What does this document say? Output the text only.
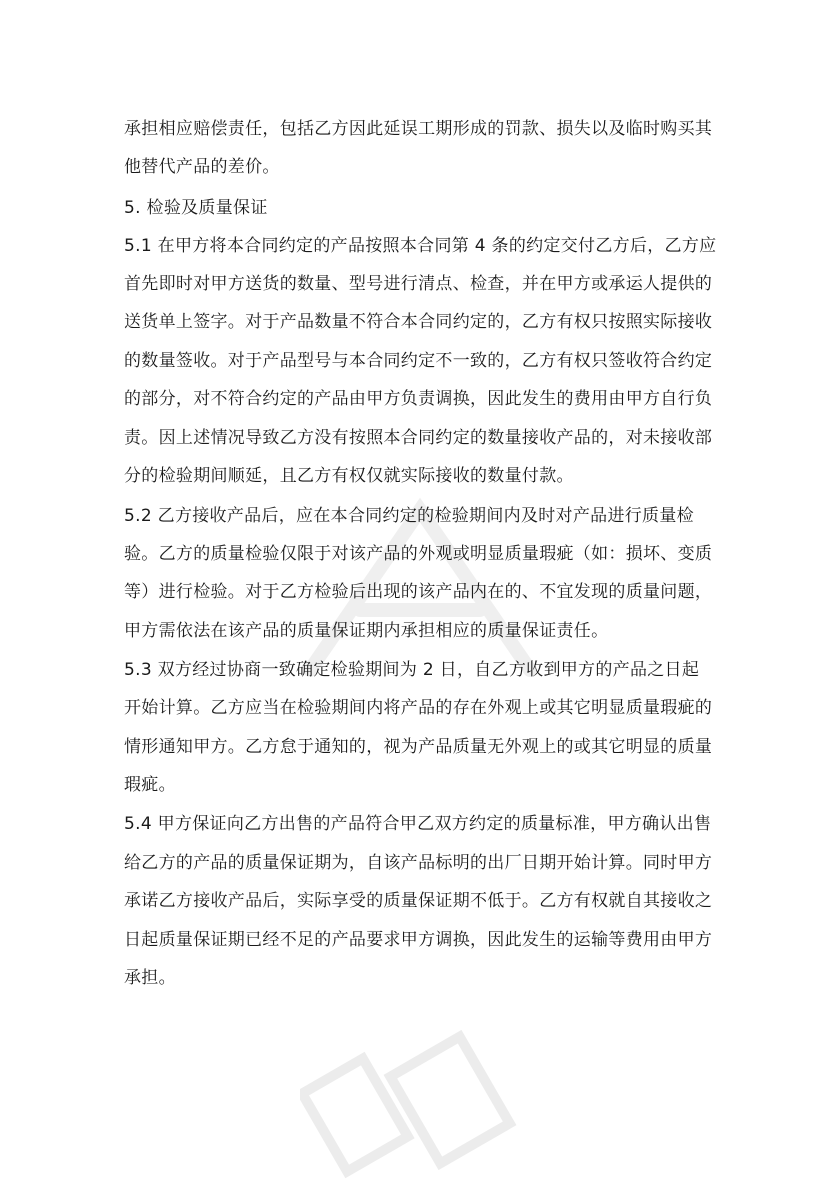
承担相应赔偿责任，包括乙方因此延误工期形成的罚款、损失以及临时购买其
他替代产品的差价。
5. 检验及质量保证
5.1 在甲方将本合同约定的产品按照本合同第 4 条的约定交付乙方后，乙方应
首先即时对甲方送货的数量、型号进行清点、检查，并在甲方或承运人提供的
送货单上签字。对于产品数量不符合本合同约定的，乙方有权只按照实际接收
的数量签收。对于产品型号与本合同约定不一致的，乙方有权只签收符合约定
的部分，对不符合约定的产品由甲方负责调换，因此发生的费用由甲方自行负
责。因上述情况导致乙方没有按照本合同约定的数量接收产品的，对未接收部
分的检验期间顺延，且乙方有权仅就实际接收的数量付款。
5.2 乙方接收产品后，应在本合同约定的检验期间内及时对产品进行质量检
验。乙方的质量检验仅限于对该产品的外观或明显质量瑕疵（如：损坏、变质
等）进行检验。对于乙方检验后出现的该产品内在的、不宜发现的质量问题，
甲方需依法在该产品的质量保证期内承担相应的质量保证责任。
5.3 双方经过协商一致确定检验期间为 2 日，自乙方收到甲方的产品之日起
开始计算。乙方应当在检验期间内将产品的存在外观上或其它明显质量瑕疵的
情形通知甲方。乙方怠于通知的，视为产品质量无外观上的或其它明显的质量
瑕疵。
5.4 甲方保证向乙方出售的产品符合甲乙双方约定的质量标准，甲方确认出售
给乙方的产品的质量保证期为，自该产品标明的出厂日期开始计算。同时甲方
承诺乙方接收产品后，实际享受的质量保证期不低于。乙方有权就自其接收之
日起质量保证期已经不足的产品要求甲方调换，因此发生的运输等费用由甲方
承担。
